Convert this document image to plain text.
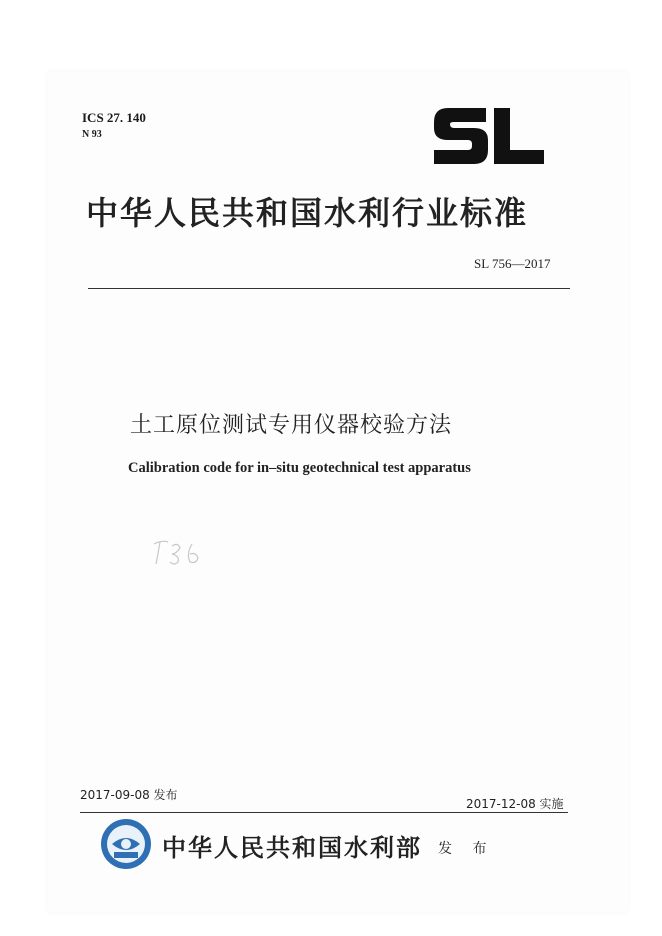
ICS 27. 140
N 93
中华人民共和国水利行业标准
SL 756—2017
土工原位测试专用仪器校验方法
Calibration code for in–situ geotechnical test apparatus
2017-09-08 发布
2017-12-08 实施
中华人民共和国水利部 发 布
